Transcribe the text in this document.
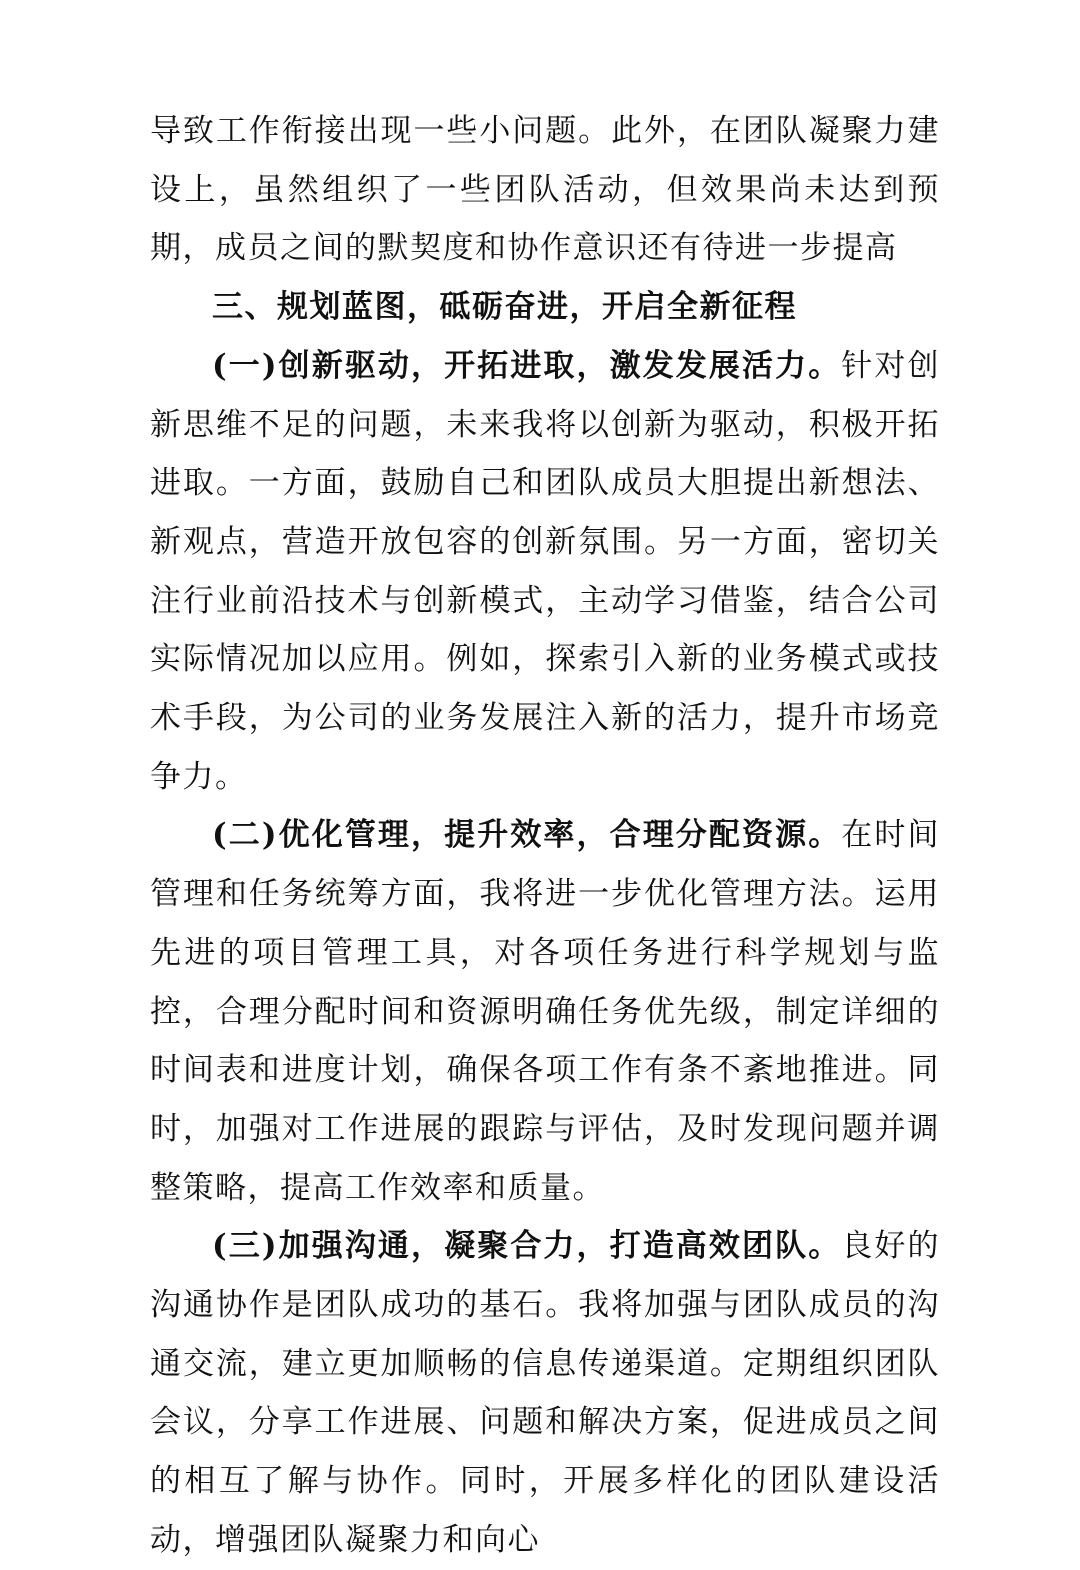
导致工作衔接出现一些小问题。此外，在团队凝聚力建设上，虽然组织了一些团队活动，但效果尚未达到预期，成员之间的默契度和协作意识还有待进一步提高

三、规划蓝图，砥砺奋进，开启全新征程

(一)创新驱动，开拓进取，激发发展活力。针对创新思维不足的问题，未来我将以创新为驱动，积极开拓进取。一方面，鼓励自己和团队成员大胆提出新想法、新观点，营造开放包容的创新氛围。另一方面，密切关注行业前沿技术与创新模式，主动学习借鉴，结合公司实际情况加以应用。例如，探索引入新的业务模式或技术手段，为公司的业务发展注入新的活力，提升市场竞争力。

(二)优化管理，提升效率，合理分配资源。在时间管理和任务统筹方面，我将进一步优化管理方法。运用先进的项目管理工具，对各项任务进行科学规划与监控，合理分配时间和资源明确任务优先级，制定详细的时间表和进度计划，确保各项工作有条不紊地推进。同时，加强对工作进展的跟踪与评估，及时发现问题并调整策略，提高工作效率和质量。

(三)加强沟通，凝聚合力，打造高效团队。良好的沟通协作是团队成功的基石。我将加强与团队成员的沟通交流，建立更加顺畅的信息传递渠道。定期组织团队会议，分享工作进展、问题和解决方案，促进成员之间的相互了解与协作。同时，开展多样化的团队建设活动，增强团队凝聚力和向心
